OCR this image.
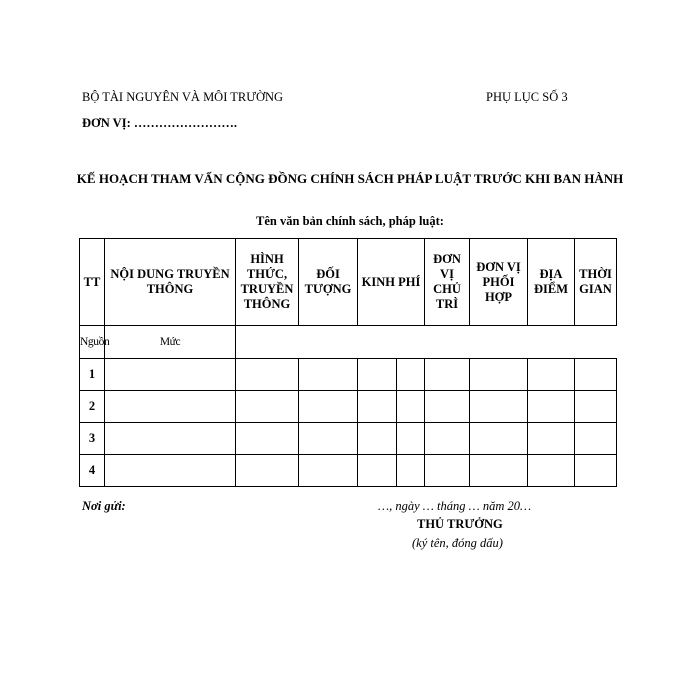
BỘ TÀI NGUYÊN VÀ MÔI TRƯỜNG	PHỤ LỤC SỐ 3
ĐƠN VỊ: …………………….
KẾ HOẠCH THAM VẤN CỘNG ĐỒNG CHÍNH SÁCH PHÁP LUẬT TRƯỚC KHI BAN HÀNH
Tên văn bản chính sách, pháp luật:
TT	NỘI DUNG TRUYỀN THÔNG	HÌNH THỨC, TRUYỀN THÔNG	ĐỐI TƯỢNG	KINH PHÍ		ĐƠN VỊ CHỦ TRÌ	ĐƠN VỊ PHỐI HỢP	ĐỊA ĐIỂM	THỜI GIAN
Nguồn	Mức								
1									
2									
3									
4									
Nơi gửi:	…, ngày … tháng … năm 20…
THỦ TRƯỞNG
(ký tên, đóng dấu)
